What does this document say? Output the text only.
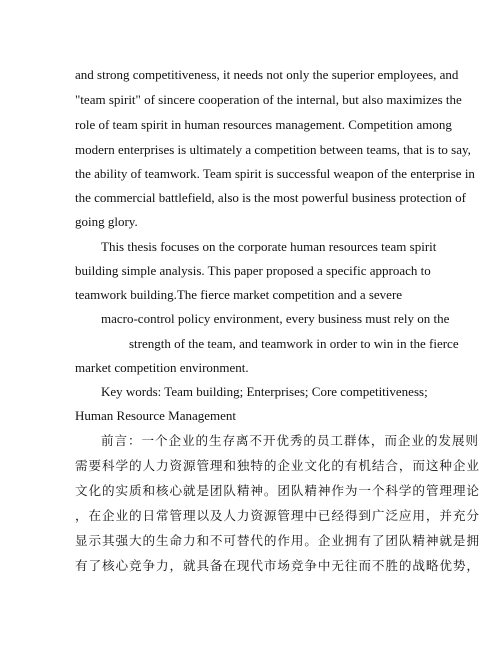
and strong competitiveness, it needs not only the superior employees, and
"team spirit" of sincere cooperation of the internal, but also maximizes the
role of team spirit in human resources management. Competition among
modern enterprises is ultimately a competition between teams, that is to say,
the ability of teamwork. Team spirit is successful weapon of the enterprise in
the commercial battlefield, also is the most powerful business protection of
going glory.
This thesis focuses on the corporate human resources team spirit
building simple analysis. This paper proposed a specific approach to
teamwork building.The fierce market competition and a severe
macro-control policy environment, every business must rely on the
strength of the team, and teamwork in order to win in the fierce
market competition environment.
Key words: Team building; Enterprises; Core competitiveness;
Human Resource Management
前言：一个企业的生存离不开优秀的员工群体，而企业的发展则
需要科学的人力资源管理和独特的企业文化的有机结合，而这种企业
文化的实质和核心就是团队精神。团队精神作为一个科学的管理理论
，在企业的日常管理以及人力资源管理中已经得到广泛应用，并充分
显示其强大的生命力和不可替代的作用。企业拥有了团队精神就是拥
有了核心竞争力，就具备在现代市场竞争中无往而不胜的战略优势，
